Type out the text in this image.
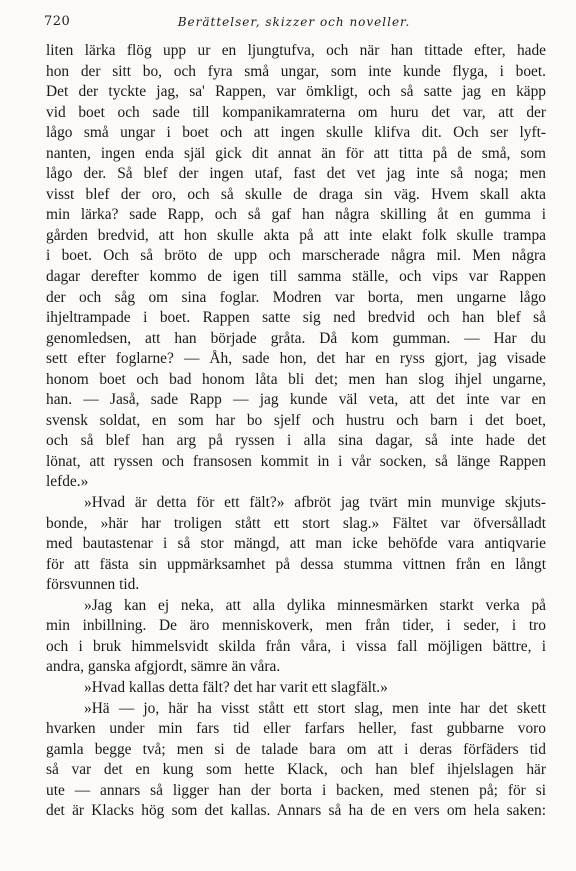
720	Berättelser, skizzer och noveller.
liten lärka flög upp ur en ljungtufva, och när han tittade efter, hade
hon der sitt bo, och fyra små ungar, som inte kunde flyga, i boet.
Det der tyckte jag, sa' Rappen, var ömkligt, och så satte jag en käpp
vid boet och sade till kompanikamraterna om huru det var, att der
lågo små ungar i boet och att ingen skulle klifva dit. Och ser lyft-
nanten, ingen enda själ gick dit annat än för att titta på de små, som
lågo der. Så blef der ingen utaf, fast det vet jag inte så noga; men
visst blef der oro, och så skulle de draga sin väg. Hvem skall akta
min lärka? sade Rapp, och så gaf han några skilling åt en gumma i
gården bredvid, att hon skulle akta på att inte elakt folk skulle trampa
i boet. Och så bröto de upp och marscherade några mil. Men några
dagar derefter kommo de igen till samma ställe, och vips var Rappen
der och såg om sina foglar. Modren var borta, men ungarne lågo
ihjeltrampade i boet. Rappen satte sig ned bredvid och han blef så
genomledsen, att han började gråta. Då kom gumman. — Har du
sett efter foglarne? — Åh, sade hon, det har en ryss gjort, jag visade
honom boet och bad honom låta bli det; men han slog ihjel ungarne,
han. — Jaså, sade Rapp — jag kunde väl veta, att det inte var en
svensk soldat, en som har bo sjelf och hustru och barn i det boet,
och så blef han arg på ryssen i alla sina dagar, så inte hade det
lönat, att ryssen och fransosen kommit in i vår socken, så länge Rappen
lefde.»
»Hvad är detta för ett fält?» afbröt jag tvärt min munvige skjuts-
bonde, »här har troligen stått ett stort slag.» Fältet var öfversålladt
med bautastenar i så stor mängd, att man icke behöfde vara antiqvarie
för att fästa sin uppmärksamhet på dessa stumma vittnen från en långt
försvunnen tid.
»Jag kan ej neka, att alla dylika minnesmärken starkt verka på
min inbillning. De äro menniskoverk, men från tider, i seder, i tro
och i bruk himmelsvidt skilda från våra, i vissa fall möjligen bättre, i
andra, ganska afgjordt, sämre än våra.
»Hvad kallas detta fält? det har varit ett slagfält.»
»Hä — jo, här ha visst stått ett stort slag, men inte har det skett
hvarken under min fars tid eller farfars heller, fast gubbarne voro
gamla begge två; men si de talade bara om att i deras förfäders tid
så var det en kung som hette Klack, och han blef ihjelslagen här
ute — annars så ligger han der borta i backen, med stenen på; för si
det är Klacks hög som det kallas. Annars så ha de en vers om hela saken:
